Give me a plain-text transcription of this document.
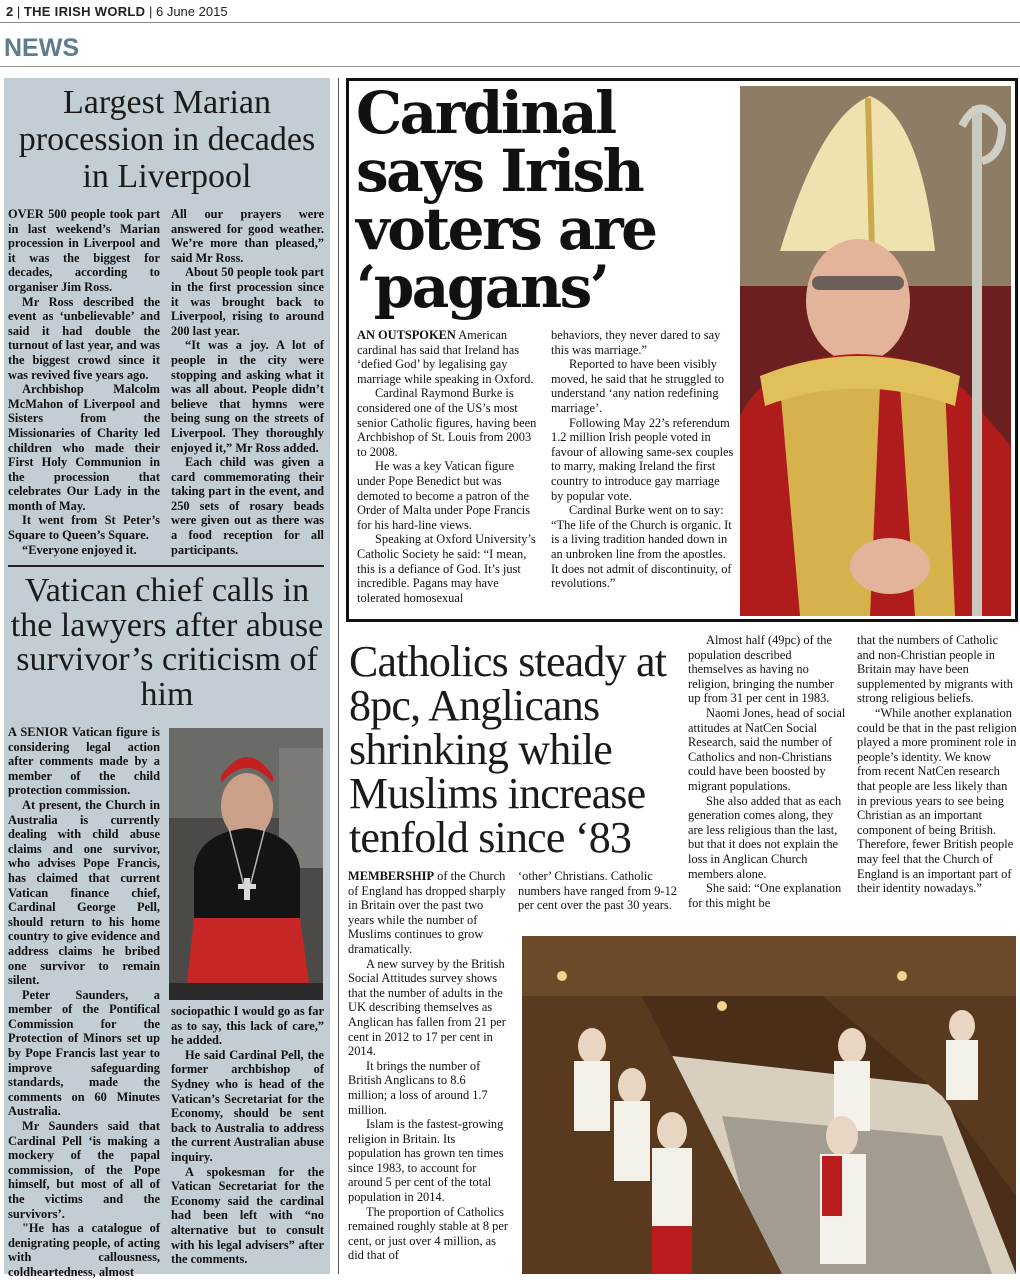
2 | THE IRISH WORLD | 6 June 2015
NEWS
Largest Marian procession in decades in Liverpool

OVER 500 people took part in last weekend’s Marian procession in Liverpool and it was the biggest for decades, according to organiser Jim Ross.

Mr Ross described the event as ‘unbelievable’ and said it had double the turnout of last year, and was the biggest crowd since it was revived five years ago.

Archbishop Malcolm McMahon of Liverpool and Sisters from the Missionaries of Charity led children who made their First Holy Communion in the procession that celebrates Our Lady in the month of May.

It went from St Peter’s Square to Queen’s Square.

“Everyone enjoyed it.

All our prayers were answered for good weather. We’re more than pleased,” said Mr Ross.

About 50 people took part in the first procession since it was brought back to Liverpool, rising to around 200 last year.

“It was a joy. A lot of people in the city were stopping and asking what it was all about. People didn’t believe that hymns were being sung on the streets of Liverpool. They thoroughly enjoyed it,” Mr Ross added.

Each child was given a card commemorating their taking part in the event, and 250 sets of rosary beads were given out as there was a food reception for all participants.

Vatican chief calls in the lawyers after abuse survivor’s criticism of him

A SENIOR Vatican figure is considering legal action after comments made by a member of the child protection commission.

At present, the Church in Australia is currently dealing with child abuse claims and one survivor, who advises Pope Francis, has claimed that current Vatican finance chief, Cardinal George Pell, should return to his home country to give evidence and address claims he bribed one survivor to remain silent.

Peter Saunders, a member of the Pontifical Commission for the Protection of Minors set up by Pope Francis last year to improve safeguarding standards, made the comments on 60 Minutes Australia.

Mr Saunders said that Cardinal Pell ‘is making a mockery of the papal commission, of the Pope himself, but most of all of the victims and the survivors’.

"He has a catalogue of denigrating people, of acting with callousness, coldheartedness, almost

sociopathic I would go as far as to say, this lack of care,” he added.

He said Cardinal Pell, the former archbishop of Sydney who is head of the Vatican’s Secretariat for the Economy, should be sent back to Australia to address the current Australian abuse inquiry.

A spokesman for the Vatican Secretariat for the Economy said the cardinal had been left with “no alternative but to consult with his legal advisers” after the comments.

Cardinal says Irish voters are ‘pagans’

AN OUTSPOKEN American cardinal has said that Ireland has ‘defied God’ by legalising gay marriage while speaking in Oxford.

Cardinal Raymond Burke is considered one of the US’s most senior Catholic figures, having been Archbishop of St. Louis from 2003 to 2008.

He was a key Vatican figure under Pope Benedict but was demoted to become a patron of the Order of Malta under Pope Francis for his hard-line views.

Speaking at Oxford University’s Catholic Society he said: “I mean, this is a defiance of God. It’s just incredible. Pagans may have tolerated homosexual

behaviors, they never dared to say this was marriage.”

Reported to have been visibly moved, he said that he struggled to understand ‘any nation redefining marriage’.

Following May 22’s referendum 1.2 million Irish people voted in favour of allowing same-sex couples to marry, making Ireland the first country to introduce gay marriage by popular vote.

Cardinal Burke went on to say: “The life of the Church is organic. It is a living tradition handed down in an unbroken line from the apostles. It does not admit of discontinuity, of revolutions.”

Catholics steady at 8pc, Anglicans shrinking while Muslims increase tenfold since ‘83

MEMBERSHIP of the Church of England has dropped sharply in Britain over the past two years while the number of Muslims continues to grow dramatically.

A new survey by the British Social Attitudes survey shows that the number of adults in the UK describing themselves as Anglican has fallen from 21 per cent in 2012 to 17 per cent in 2014.

It brings the number of British Anglicans to 8.6 million; a loss of around 1.7 million.

Islam is the fastest-growing religion in Britain. Its population has grown ten times since 1983, to account for around 5 per cent of the total population in 2014.

The proportion of Catholics remained roughly stable at 8 per cent, or just over 4 million, as did that of

‘other’ Christians. Catholic numbers have ranged from 9-12 per cent over the past 30 years.

Almost half (49pc) of the population described themselves as having no religion, bringing the number up from 31 per cent in 1983.

Naomi Jones, head of social attitudes at NatCen Social Research, said the number of Catholics and non-Christians could have been boosted by migrant populations.

She also added that as each generation comes along, they are less religious than the last, but that it does not explain the loss in Anglican Church members alone.

She said: “One explanation for this might be

that the numbers of Catholic and non-Christian people in Britain may have been supplemented by migrants with strong religious beliefs.

“While another explanation could be that in the past religion played a more prominent role in people’s identity. We know from recent NatCen research that people are less likely than in previous years to see being Christian as an important component of being British. Therefore, fewer British people may feel that the Church of England is an important part of their identity nowadays.”
